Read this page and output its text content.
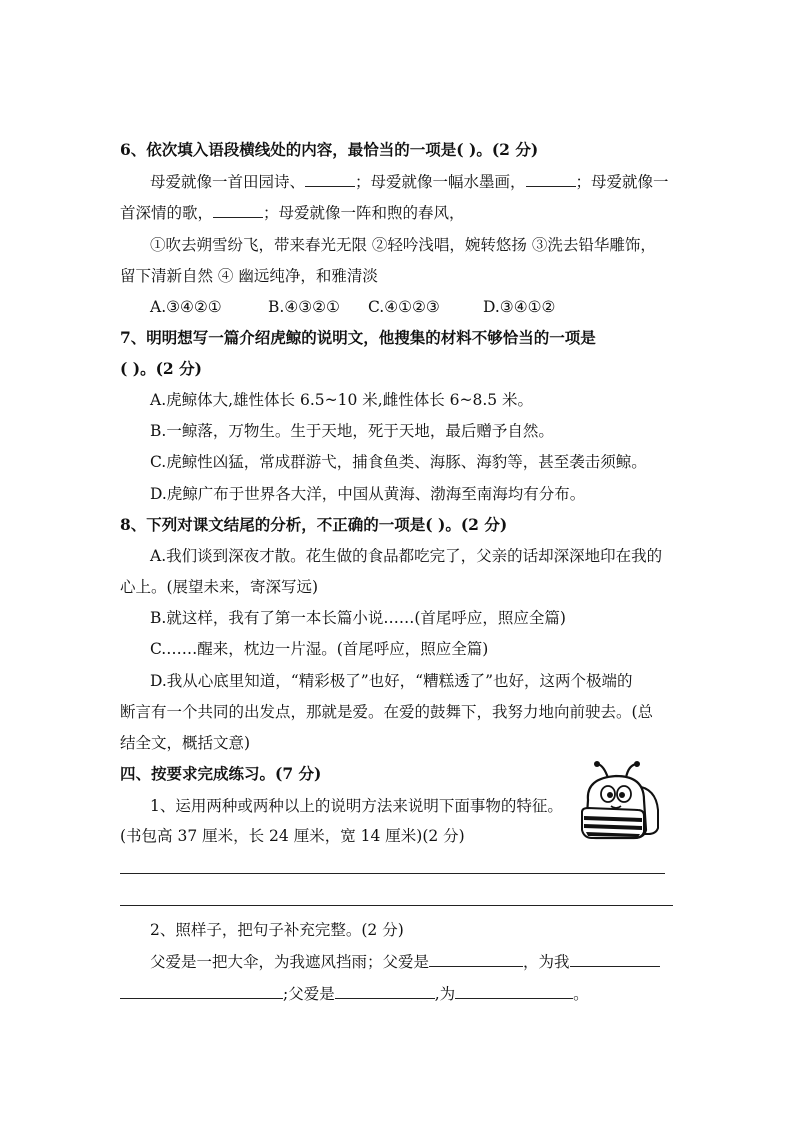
6、依次填入语段横线处的内容，最恰当的一项是( )。(2 分)
母爱就像一首田园诗、	；母爱就像一幅水墨画，	；母爱就像一
首深情的歌，	；母爱就像一阵和煦的春风，
①吹去朔雪纷飞，带来春光无限 ②轻吟浅唱，婉转悠扬 ③洗去铅华雕饰，
留下清新自然 ④ 幽远纯净，和雅清淡
A.③④②①	B.④③②① C.④①②③	D.③④①②
7、明明想写一篇介绍虎鲸的说明文，他搜集的材料不够恰当的一项是
( )。(2 分)
A.虎鲸体大,雄性体长 6.5~10 米,雌性体长 6~8.5 米。
B.一鲸落，万物生。生于天地，死于天地，最后赠予自然。
C.虎鲸性凶猛，常成群游弋，捕食鱼类、海豚、海豹等，甚至袭击须鲸。
D.虎鲸广布于世界各大洋，中国从黄海、渤海至南海均有分布。
8、下列对课文结尾的分析，不正确的一项是( )。(2 分)
A.我们谈到深夜才散。花生做的食品都吃完了，父亲的话却深深地印在我的
心上。(展望未来，寄深写远)
B.就这样，我有了第一本长篇小说……(首尾呼应，照应全篇)
C.……醒来，枕边一片湿。(首尾呼应，照应全篇)
D.我从心底里知道，“精彩极了”也好，“糟糕透了”也好，这两个极端的
断言有一个共同的出发点，那就是爱。在爱的鼓舞下，我努力地向前驶去。(总
结全文，概括文意)
四、按要求完成练习。(7 分)
1、运用两种或两种以上的说明方法来说明下面事物的特征。
(书包高 37 厘米，长 24 厘米，宽 14 厘米)(2 分)
2、照样子，把句子补充完整。(2 分)
父爱是一把大伞，为我遮风挡雨；父爱是	，为我
;父爱是	,为	。
